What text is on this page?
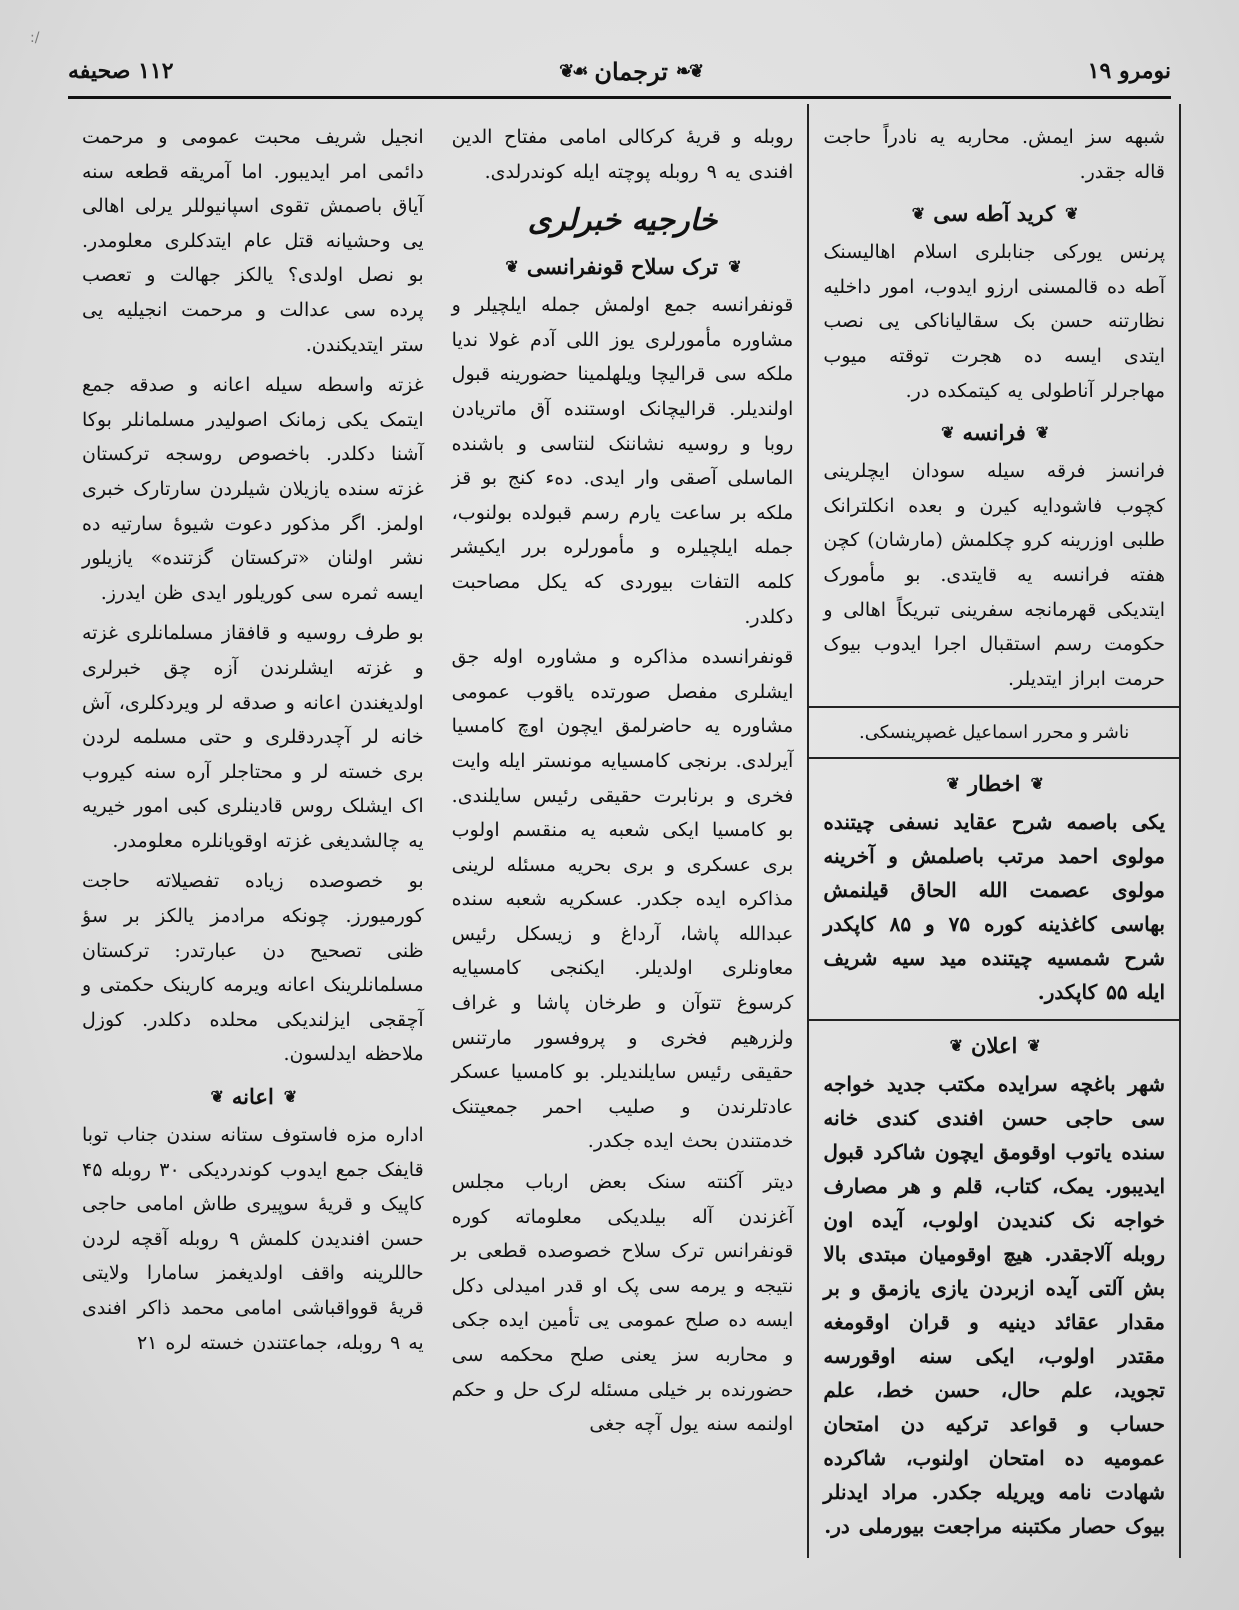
:/
نومرو ١٩
❦❧
ترجمان
☙❦
١١٢ صحیفه

انجیل شریف محبت عمومی و مرحمت دائمی امر ایدیبور. اما آمریقه قطعه سنه آیاق باصمش تقوی اسپانیوللر یرلی اهالی یی وحشیانه قتل عام ایتدکلری معلومدر. بو نصل اولدی؟ یالکز جهالت و تعصب پرده سی عدالت و مرحمت انجیلیه یی ستر ایتدیکندن.

غزته واسطه سیله اعانه و صدقه جمع ایتمک یکی زمانک اصولیدر مسلمانلر بوکا آشنا دکلدر. باخصوص روسجه ترکستان غزته سنده یازیلان شیلردن سارتارک خبری اولمز. اگر مذکور دعوت شیوهٔ سارتیه ده نشر اولنان «ترکستان گزتنده» یازیلور ایسه ثمره سی کوریلور ایدی ظن ایدرز.

بو طرف روسیه و قافقاز مسلمانلری غزته و غزته ایشلرندن آزه چق خبرلری اولدیغندن اعانه و صدقه لر ویردکلری، آش خانه لر آچدردقلری و حتی مسلمه لردن بری خسته لر و محتاجلر آره سنه کیروب اک ایشلک روس قادینلری کبی امور خیریه یه چالشدیغی غزته اوقویانلره معلومدر.

بو خصوصده زیاده تفصیلاته حاجت کورمیورز. چونکه مرادمز یالکز بر سؤ ظنی تصحیح دن عبارتدر: ترکستان مسلمانلرینک اعانه ویرمه کارینک حکمتی و آچقجی ایزلندیکی محلده دکلدر. کوزل ملاحظه ایدلسون.

❦
اعانه
❦

اداره مزه فاستوف ستانه سندن جناب توبا قایفک جمع ایدوب کوندردیکی ۳۰ روبله ۴۵ کاپیک و قریهٔ سوپیری طاش امامی حاجی حسن افندیدن کلمش ۹ روبله آقچه لردن حاللرینه واقف اولدیغمز سامارا ولایتی قریهٔ قوواقباشی امامی محمد ذاکر افندی یه ۹ روبله، جماعتندن خسته لره ۲۱

روبله و قریهٔ کرکالی امامی مفتاح الدین افندی یه ۹ روبله پوچته ایله کوندرلدی.

خارجیه خبرلری
❦
ترک سلاح قونفرانسی
❦

قونفرانسه جمع اولمش جمله ایلچیلر و مشاوره مأمورلری یوز اللی آدم غولا ندیا ملکه سی قرالیچا ویلهلمینا حضورینه قبول اولندیلر. قرالیچانک اوستنده آق ماتریادن روبا و روسیه نشاننک لنتاسی و باشنده الماسلی آصقی وار ایدی. دهء کنج بو قز ملکه بر ساعت یارم رسم قبولده بولنوب، جمله ایلچیلره و مأمورلره برر ایکیشر کلمه التفات بیوردی که یکل مصاحبت دکلدر.

قونفرانسده مذاکره و مشاوره اوله جق ایشلری مفصل صورتده یاقوب عمومی مشاوره یه حاضرلمق ایچون اوچ کامسیا آیرلدی. برنجی کامسیایه مونستر ایله وایت فخری و برنابرت حقیقی رئیس سایلندی. بو کامسیا ایکی شعبه یه منقسم اولوب بری عسکری و بری بحریه مسئله لرینی مذاکره ایده جکدر. عسکریه شعبه سنده عبدالله پاشا، آرداغ و زیسکل رئیس معاونلری اولدیلر. ایکنجی کامسیایه کرسوغ تتوآن و طرخان پاشا و غراف ولزرهیم فخری و پروفسور مارتنس حقیقی رئیس سایلندیلر. بو کامسیا عسکر عادتلرندن و صلیب احمر جمعیتنک خدمتندن بحث ایده جکدر.

دیتر آکنته سنک بعض ارباب مجلس آغزندن آله بیلدیکی معلوماته کوره قونفرانس ترک سلاح خصوصده قطعی بر نتیجه و یرمه سی پک او قدر امیدلی دکل ایسه ده صلح عمومی یی تأمین ایده جکی و محاربه سز یعنی صلح محکمه سی حضورنده بر خیلی مسئله لرک حل و حکم اولنمه سنه یول آچه جغی

شبهه سز ایمش. محاربه یه نادراً حاجت قاله جقدر.

❦
کرید آطه سی
❦

پرنس یورکی جنابلری اسلام اهالیسنک آطه ده قالمسنی ارزو ایدوب، امور داخلیه نظارتنه حسن بک سقالیاناکی یی نصب ایتدی ایسه ده هجرت توقته میوب مهاجرلر آناطولی یه کیتمکده در.

❦
فرانسه
❦

فرانسز فرقه سیله سودان ایچلرینی کچوب فاشودایه کیرن و بعده انکلترانک طلبی اوزرینه کرو چکلمش (مارشان) کچن هفته فرانسه یه قایتدی. بو مأمورک ایتدیکی قهرمانجه سفرینی تبریکاً اهالی و حکومت رسم استقبال اجرا ایدوب بیوک حرمت ابراز ایتدیلر.

ناشر و محرر اسماعیل غصپرینسکی.
❦
اخطار
❦

یکی باصمه شرح عقاید نسفی چیتنده مولوی احمد مرتب باصلمش و آخرینه مولوی عصمت الله الحاق قیلنمش بهاسی کاغذینه کوره ۷۵ و ۸۵ کاپکدر شرح شمسیه چیتنده مید سیه شریف ایله ۵۵ کاپکدر.

❦
اعلان
❦

شهر باغچه سرایده مکتب جدید خواجه سی حاجی حسن افندی کندی خانه سنده یاتوب اوقومق ایچون شاکرد قبول ایدیبور. یمک، کتاب، قلم و هر مصارف خواجه نک کندیدن اولوب، آیده اون روبله آلاجقدر. هیچ اوقومیان مبتدی بالا بش آلتی آیده ازبردن یازی یازمق و بر مقدار عقائد دینیه و قران اوقومغه مقتدر اولوب، ایکی سنه اوقورسه تجوید، علم حال، حسن خط، علم حساب و قواعد ترکیه دن امتحان عمومیه ده امتحان اولنوب، شاکرده شهادت نامه ویریله جکدر. مراد ایدنلر بیوک حصار مکتبنه مراجعت بیورملی در.
